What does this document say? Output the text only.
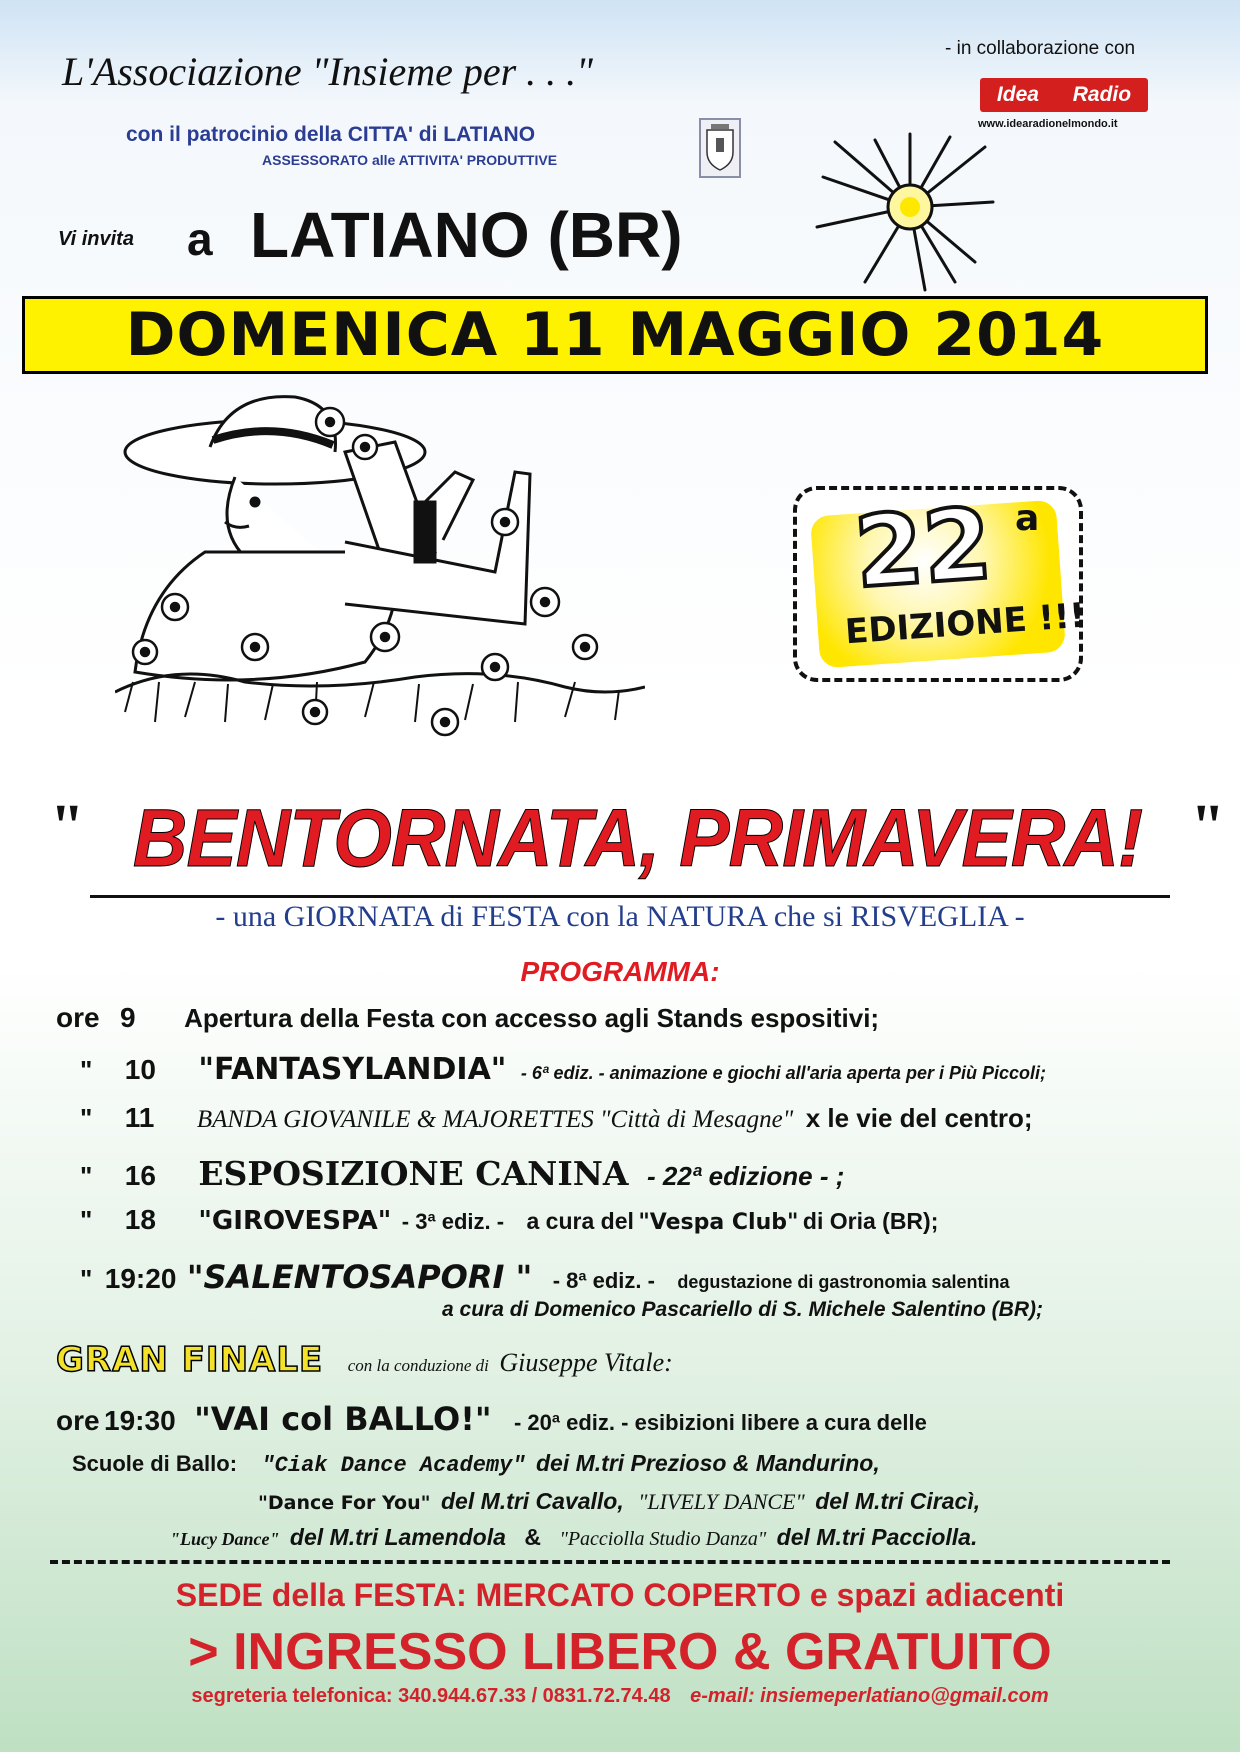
L'Associazione "Insieme per . . ."
con il patrocinio della CITTA' di LATIANO
ASSESSORATO alle ATTIVITA' PRODUTTIVE
- in collaborazione con
Idea Radio
www.idearadionelmondo.it
Vi invita a LATIANO (BR)
DOMENICA 11 MAGGIO 2014
22 a
EDIZIONE !!!
" BENTORNATA, PRIMAVERA! "
- una GIORNATA di FESTA con la NATURA che si RISVEGLIA -
PROGRAMMA:
ore 9 Apertura della Festa con accesso agli Stands espositivi;
" 10 "FANTASYLANDIA" - 6ª ediz. - animazione e giochi all'aria aperta per i Più Piccoli;
" 11 BANDA GIOVANILE & MAJORETTES "Città di Mesagne" x le vie del centro;
" 16 ESPOSIZIONE CANINA - 22ª edizione - ;
" 18 "GIROVESPA" - 3ª ediz. - a cura del "Vespa Club" di Oria (BR);
" 19:20 "SALENTOSAPORI " - 8ª ediz. - degustazione di gastronomia salentina
a cura di Domenico Pascariello di S. Michele Salentino (BR);
GRAN FINALE con la conduzione di Giuseppe Vitale:
ore 19:30 "VAI col BALLO!" - 20ª ediz. - esibizioni libere a cura delle
Scuole di Ballo: "Ciak Dance Academy" dei M.tri Prezioso & Mandurino,
"Dance For You" del M.tri Cavallo, "LIVELY DANCE" del M.tri Ciracì,
"Lucy Dance" del M.tri Lamendola & "Pacciolla Studio Danza" del M.tri Pacciolla.
SEDE della FESTA: MERCATO COPERTO e spazi adiacenti
> INGRESSO LIBERO & GRATUITO
segreteria telefonica: 340.944.67.33 / 0831.72.74.48 e-mail: insiemeperlatiano@gmail.com
